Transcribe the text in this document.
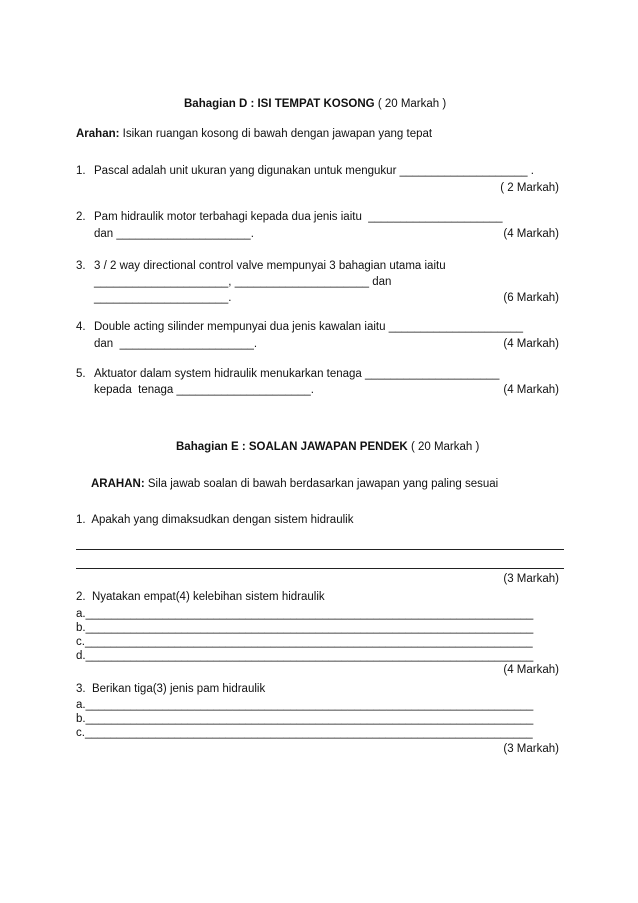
Bahagian D : ISI TEMPAT KOSONG ( 20 Markah )
Arahan: Isikan ruangan kosong di bawah dengan jawapan yang tepat
1. Pascal adalah unit ukuran yang digunakan untuk mengukur ____________________ .
( 2 Markah)
2. Pam hidraulik motor terbahagi kepada dua jenis iaitu  _____________________
dan _____________________.	(4 Markah)
3. 3 / 2 way directional control valve mempunyai 3 bahagian utama iaitu
_____________________, _____________________ dan
_____________________.	(6 Markah)
4. Double acting silinder mempunyai dua jenis kawalan iaitu _____________________
dan  _____________________.	(4 Markah)
5. Aktuator dalam system hidraulik menukarkan tenaga _____________________
kepada  tenaga _____________________.	(4 Markah)
Bahagian E : SOALAN JAWAPAN PENDEK ( 20 Markah )
ARAHAN: Sila jawab soalan di bawah berdasarkan jawapan yang paling sesuai
1.  Apakah yang dimaksudkan dengan sistem hidraulik
(3 Markah)
2.  Nyatakan empat(4) kelebihan sistem hidraulik
a.______________________________________________________________________
b.______________________________________________________________________
c.______________________________________________________________________
d.______________________________________________________________________
(4 Markah)
3.  Berikan tiga(3) jenis pam hidraulik
a.______________________________________________________________________
b.______________________________________________________________________
c.______________________________________________________________________
(3 Markah)
